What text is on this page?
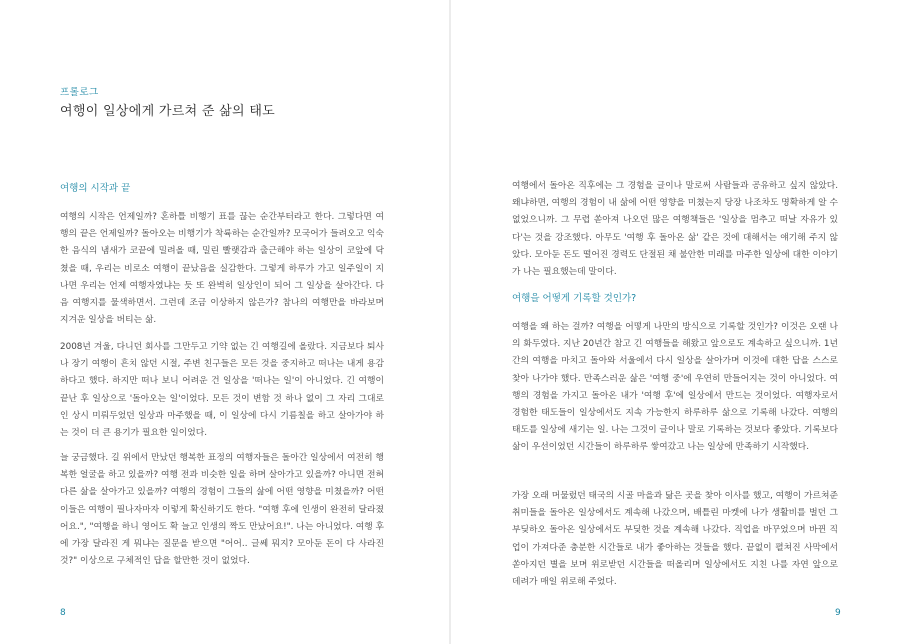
프롤로그
여행이 일상에게 가르쳐 준 삶의 태도
여행의 시작과 끝

여행의 시작은 언제일까? 혼하틀 비행기 표를 끊는 순간부터라고 한다. 그렇다면 여행의 끝은 언제일까? 돌아오는 비행기가 착륙하는 순간일까? 모국어가 들려오고 익숙한 음식의 냄새가 코끝에 밀려올 때, 밀린 빨랫감과 출근해야 하는 일상이 코앞에 닥쳤을 때, 우리는 비로소 여행이 끝났음을 실감한다. 그렇게 하루가 가고 일주일이 지나면 우리는 언제 여행자였냐는 듯 또 완벽히 일상인이 되어 그 일상을 살아간다. 다음 여행지를 물색하면서. 그런데 조금 이상하지 않은가? 참나의 여행만을 바라보며 지겨운 일상을 버티는 삶.

2008년 겨울, 다니던 회사를 그만두고 기약 없는 긴 여행길에 올랐다. 지금보다 퇴사나 장기 여행이 흔치 않던 시절, 주변 친구들은 모든 것을 중지하고 떠나는 내게 용감하다고 했다. 하지만 떠나 보니 어려운 건 일상을 '떠나는 일'이 아니었다. 긴 여행이 끝난 후 일상으로 '돌아오는 일'이었다. 모든 것이 변함 것 하나 없이 그 자리 그대로인 상시 미뤄두었던 일상과 마주했을 때, 이 일상에 다시 기름칠을 하고 살아가야 하는 것이 더 큰 용기가 필요한 일이었다.

늘 궁금했다. 길 위에서 만났던 행복한 표정의 여행자들은 돌아간 일상에서 여전히 행복한 얼굴을 하고 있을까? 여행 전과 비슷한 일을 하며 살아가고 있을까? 아니면 전혀 다른 삶을 살아가고 있을까? 여행의 경험이 그들의 삶에 어떤 영향을 미쳤을까? 어떤 이들은 여행이 필나자마자 이렇게 확신하기도 한다. "여행 후에 인생이 완전히 달라졌어요.", "여행을 하니 영어도 확 늘고 인생의 짝도 만났어요!". 나는 아니었다. 여행 후에 가장 달라진 게 뭐냐는 질문을 받으면 "어어.. 글쎄 뭐지? 모아둔 돈이 다 사라진 것?" 이상으로 구체적인 답을 할만한 것이 없었다.

8

여행에서 돌아온 직후에는 그 경험을 글이나 말로써 사람들과 공유하고 싶지 않았다. 왜냐하면, 여행의 경험이 내 삶에 어떤 영향을 미쳤는지 당장 나조차도 명확하게 알 수 없었으니까. 그 무렵 쏟아져 나오던 많은 여행책들은 '일상을 멈추고 떠날 자유가 있다'는 것을 강조했다. 아무도 '여행 후 돌아온 삶' 같은 것에 대해서는 얘기해 주지 않았다. 모아둔 돈도 떨어진 경력도 단절된 채 불안한 미래를 마주한 일상에 대한 이야기가 나는 필요했는데 말이다.

여행을 어떻게 기록할 것인가?

여행을 왜 하는 걸까? 여행을 어떻게 나만의 방식으로 기록할 것인가? 이것은 오랜 나의 화두였다. 지난 20년간 참고 긴 여행들을 해왔고 앞으로도 계속하고 싶으니까. 1년간의 여행을 마치고 돌아와 서울에서 다시 일상을 살아가며 이것에 대한 답을 스스로 찾아 나가야 했다. 만족스러운 삶은 '여행 중'에 우연히 만들어지는 것이 아니었다. 여행의 경험을 가지고 돌아온 내가 '여행 후'에 일상에서 만드는 것이었다. 여행자로서 경험한 태도들이 일상에서도 지속 가능한지 하루하루 삶으로 기록해 나갔다. 여행의 태도를 일상에 새기는 일. 나는 그것이 글이나 말로 기록하는 것보다 좋았다. 기록보다 삶이 우선이었던 시간들이 하루하루 쌓여갔고 나는 일상에 만족하기 시작했다.

가장 오래 머물렀던 태국의 시골 마을과 닮은 곳을 찾아 이사를 했고, 여행이 가르쳐준 취미들을 돌아온 일상에서도 계속해 나갔으며, 배틀린 마켓에 나가 생활비를 벌던 그 부딪하오 돌아온 일상에서도 부딪한 것을 계속해 나갔다. 직업을 바꾸었으며 바뀐 직업이 가져다준 충분한 시간들로 내가 좋아하는 것들을 했다. 끝없이 펼쳐진 사막에서 쏟아지던 별을 보며 위로받던 시간들을 떠올리며 일상에서도 지친 나를 자연 앞으로 데려가 매일 위로해 주었다.

9
